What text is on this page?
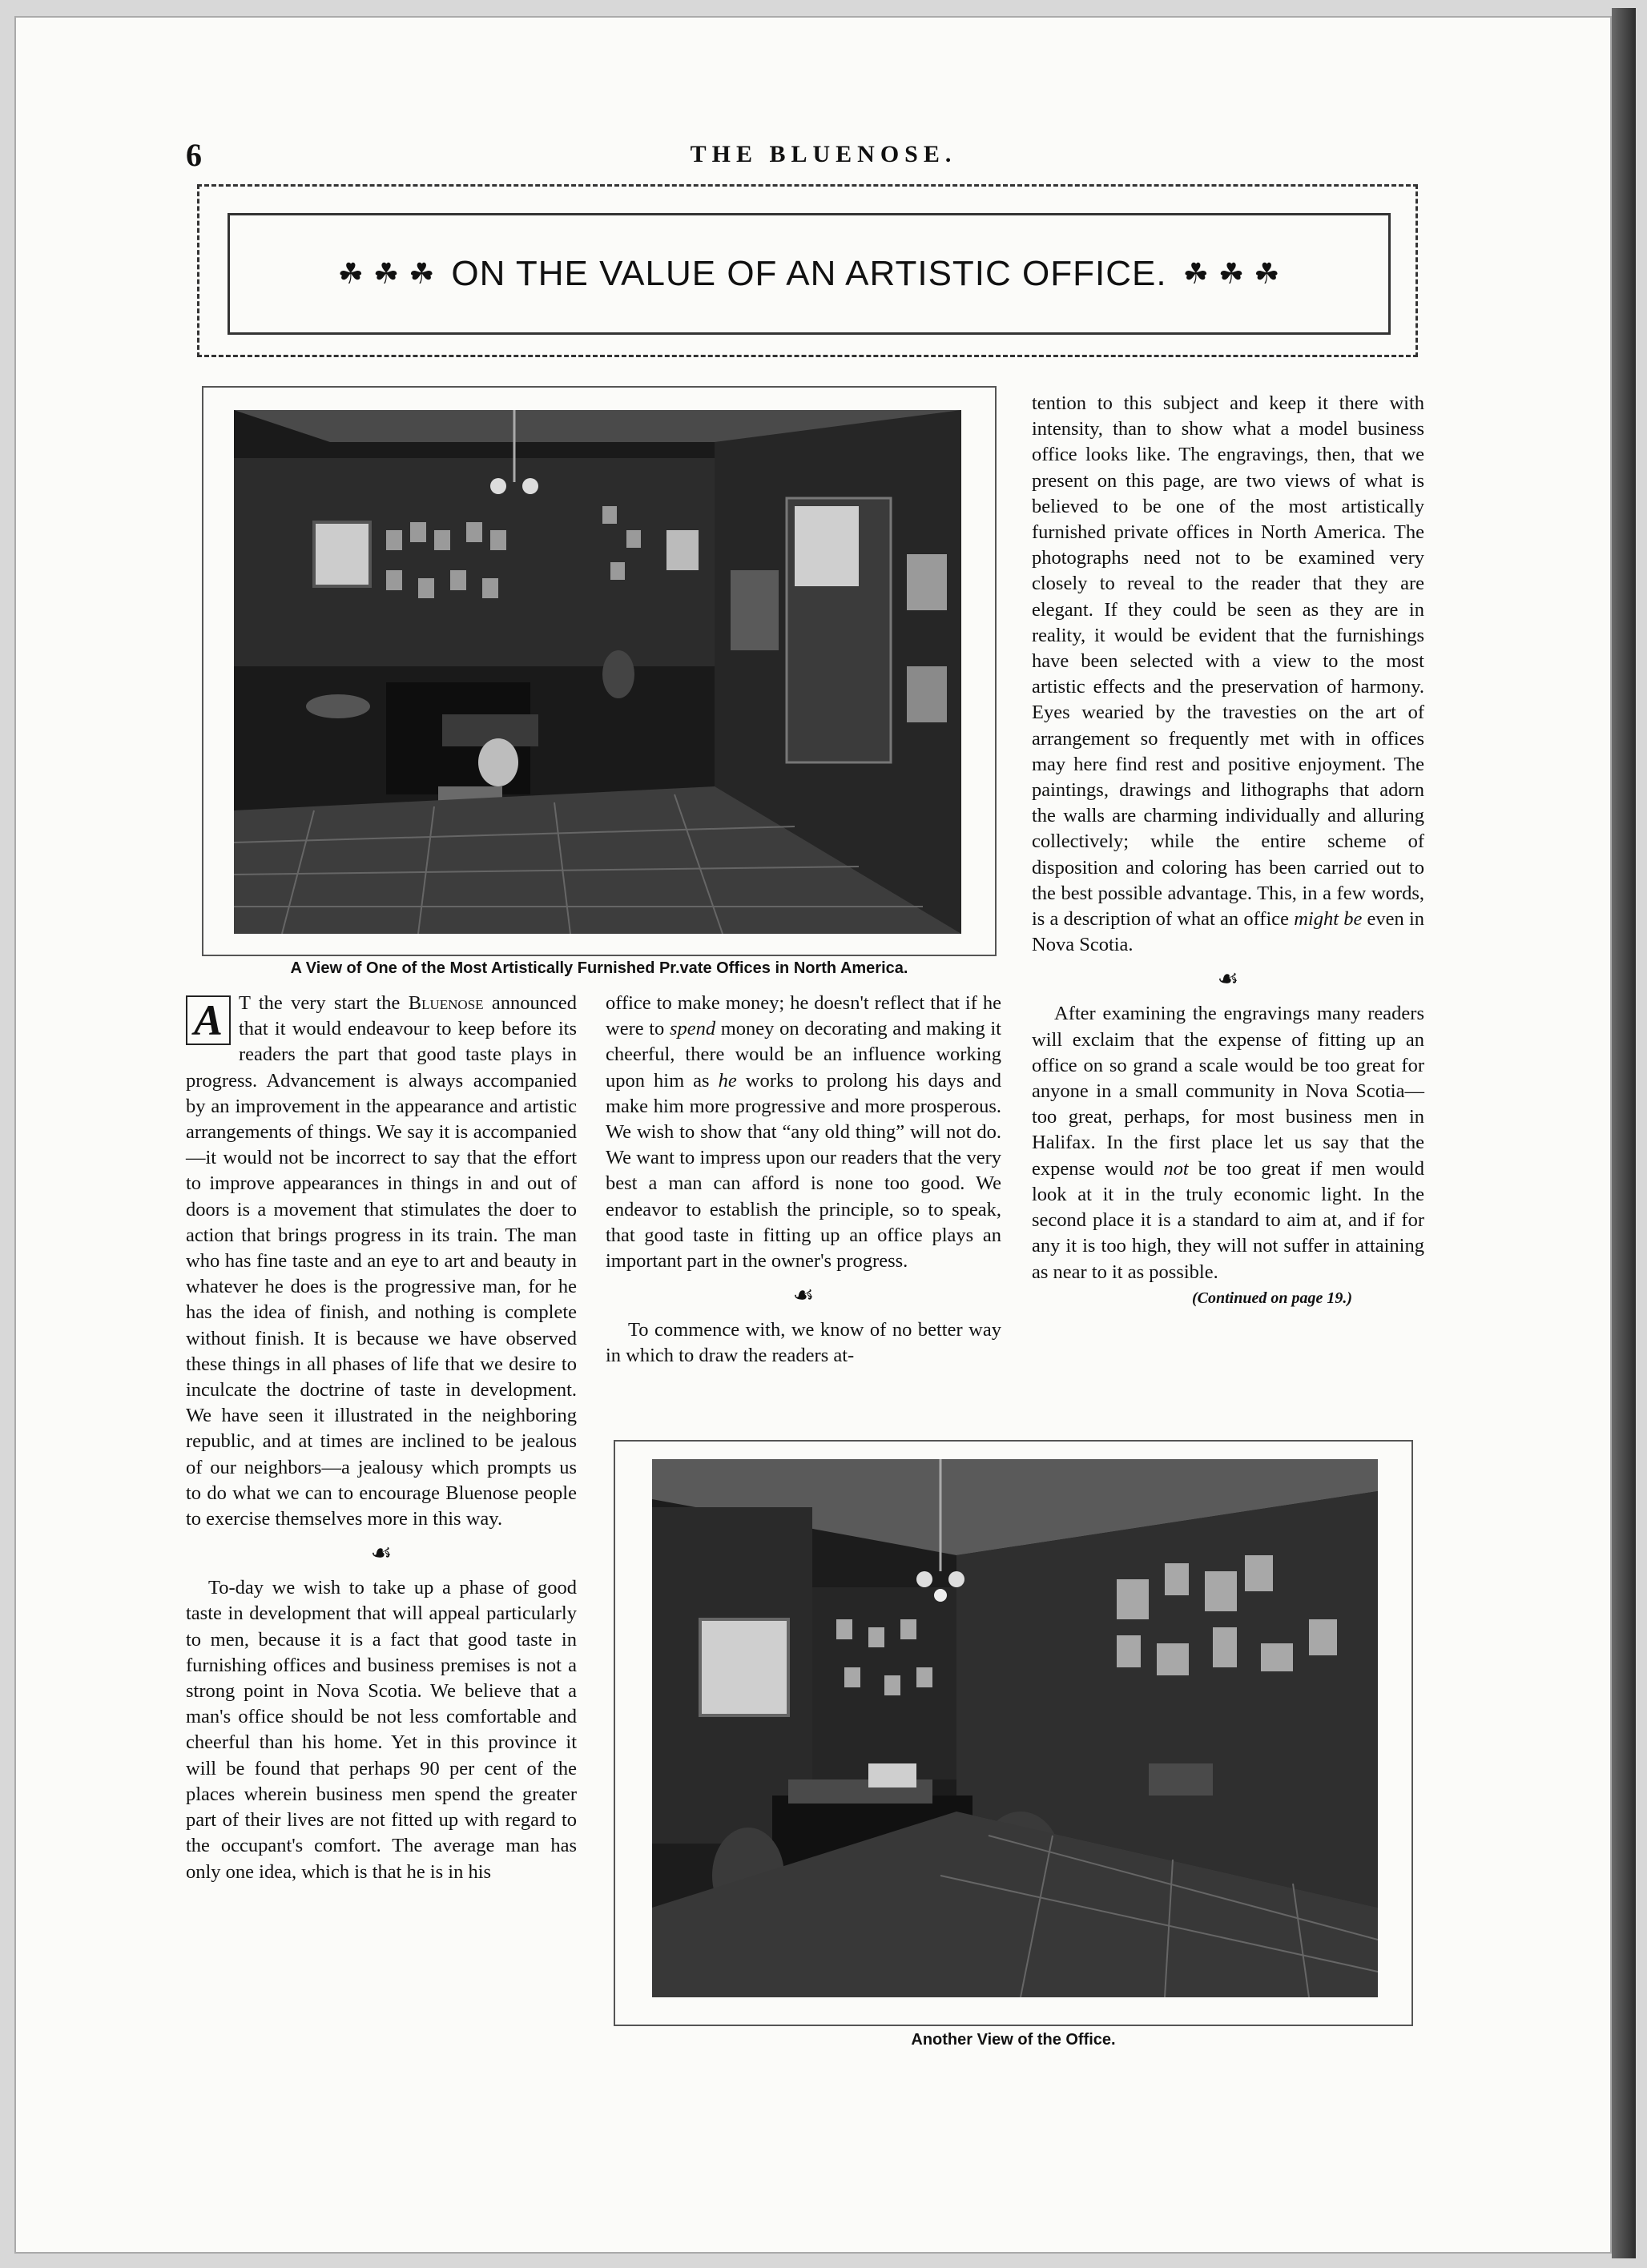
6	THE BLUENOSE.
☘ ☘ ☘ ON THE VALUE OF AN ARTISTIC OFFICE. ☘ ☘ ☘
A View of One of the Most Artistically Furnished Pr.vate Offices in North America.

A T the very start the Bluenose announced that it would endeavour to keep before its readers the part that good taste plays in progress. Advancement is always accompanied by an improvement in the appearance and artistic arrangements of things. We say it is accompanied—it would not be incorrect to say that the effort to improve appearances in things in and out of doors is a movement that stimulates the doer to action that brings progress in its train. The man who has fine taste and an eye to art and beauty in whatever he does is the progressive man, for he has the idea of finish, and nothing is complete without finish. It is because we have observed these things in all phases of life that we desire to inculcate the doctrine of taste in development. We have seen it illustrated in the neighboring republic, and at times are inclined to be jealous of our neighbors—a jealousy which prompts us to do what we can to encourage Bluenose people to exercise themselves more in this way.

☙

To-day we wish to take up a phase of good taste in development that will appeal particularly to men, because it is a fact that good taste in furnishing offices and business premises is not a strong point in Nova Scotia. We believe that a man's office should be not less comfortable and cheerful than his home. Yet in this province it will be found that perhaps 90 per cent of the places wherein business men spend the greater part of their lives are not fitted up with regard to the occupant's comfort. The average man has only one idea, which is that he is in his

office to make money; he doesn't reflect that if he were to spend money on decorating and making it cheerful, there would be an influence working upon him as he works to prolong his days and make him more progressive and more prosperous. We wish to show that “any old thing” will not do. We want to impress upon our readers that the very best a man can afford is none too good. We endeavor to establish the principle, so to speak, that good taste in fitting up an office plays an important part in the owner's progress.

☙

To commence with, we know of no better way in which to draw the readers at-

tention to this subject and keep it there with intensity, than to show what a model business office looks like. The engravings, then, that we present on this page, are two views of what is believed to be one of the most artistically furnished private offices in North America. The photographs need not to be examined very closely to reveal to the reader that they are elegant. If they could be seen as they are in reality, it would be evident that the furnishings have been selected with a view to the most artistic effects and the preservation of harmony. Eyes wearied by the travesties on the art of arrangement so frequently met with in offices may here find rest and positive enjoyment. The paintings, drawings and lithographs that adorn the walls are charming individually and alluring collectively; while the entire scheme of disposition and coloring has been carried out to the best possible advantage. This, in a few words, is a description of what an office might be even in Nova Scotia.

☙

After examining the engravings many readers will exclaim that the expense of fitting up an office on so grand a scale would be too great for anyone in a small community in Nova Scotia—too great, perhaps, for most business men in Halifax. In the first place let us say that the expense would not be too great if men would look at it in the truly economic light. In the second place it is a standard to aim at, and if for any it is too high, they will not suffer in attaining as near to it as possible.

(Continued on page 19.)
Another View of the Office.
